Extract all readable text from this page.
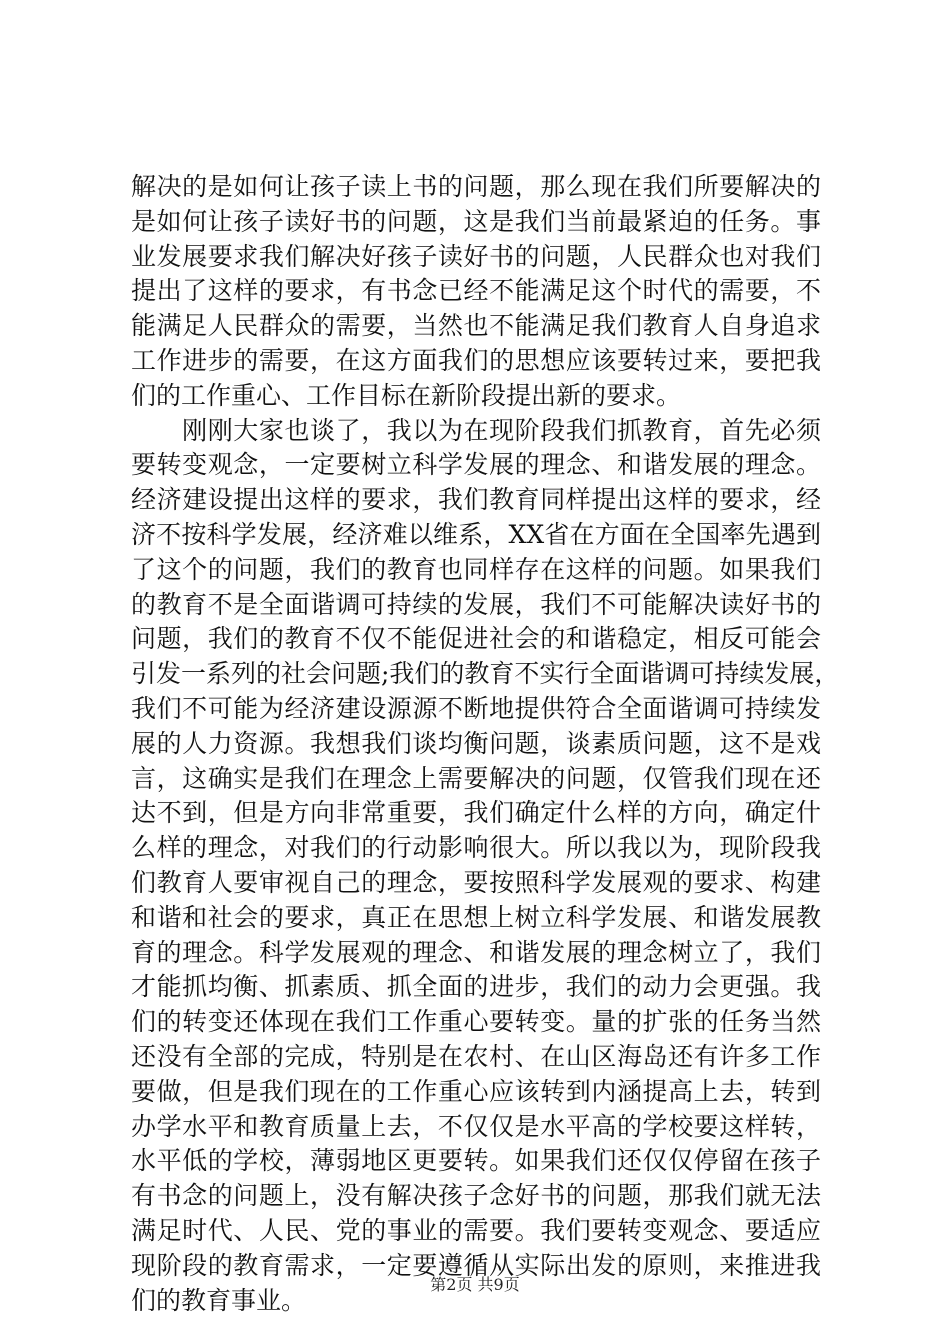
解决的是如何让孩子读上书的问题，那么现在我们所要解决的
是如何让孩子读好书的问题，这是我们当前最紧迫的任务。事
业发展要求我们解决好孩子读好书的问题，人民群众也对我们
提出了这样的要求，有书念已经不能满足这个时代的需要，不
能满足人民群众的需要，当然也不能满足我们教育人自身追求
工作进步的需要，在这方面我们的思想应该要转过来，要把我
们的工作重心、工作目标在新阶段提出新的要求。
　　刚刚大家也谈了，我以为在现阶段我们抓教育，首先必须
要转变观念，一定要树立科学发展的理念、和谐发展的理念。
经济建设提出这样的要求，我们教育同样提出这样的要求，经
济不按科学发展，经济难以维系，XX省在方面在全国率先遇到
了这个的问题，我们的教育也同样存在这样的问题。如果我们
的教育不是全面谐调可持续的发展，我们不可能解决读好书的
问题，我们的教育不仅不能促进社会的和谐稳定，相反可能会
引发一系列的社会问题;我们的教育不实行全面谐调可持续发展，
我们不可能为经济建设源源不断地提供符合全面谐调可持续发
展的人力资源。我想我们谈均衡问题，谈素质问题，这不是戏
言，这确实是我们在理念上需要解决的问题，仅管我们现在还
达不到，但是方向非常重要，我们确定什么样的方向，确定什
么样的理念，对我们的行动影响很大。所以我以为，现阶段我
们教育人要审视自己的理念，要按照科学发展观的要求、构建
和谐和社会的要求，真正在思想上树立科学发展、和谐发展教
育的理念。科学发展观的理念、和谐发展的理念树立了，我们
才能抓均衡、抓素质、抓全面的进步，我们的动力会更强。我
们的转变还体现在我们工作重心要转变。量的扩张的任务当然
还没有全部的完成，特别是在农村、在山区海岛还有许多工作
要做，但是我们现在的工作重心应该转到内涵提高上去，转到
办学水平和教育质量上去，不仅仅是水平高的学校要这样转，
水平低的学校，薄弱地区更要转。如果我们还仅仅停留在孩子
有书念的问题上，没有解决孩子念好书的问题，那我们就无法
满足时代、人民、党的事业的需要。我们要转变观念、要适应
现阶段的教育需求，一定要遵循从实际出发的原则，来推进我
们的教育事业。
第2页 共9页
